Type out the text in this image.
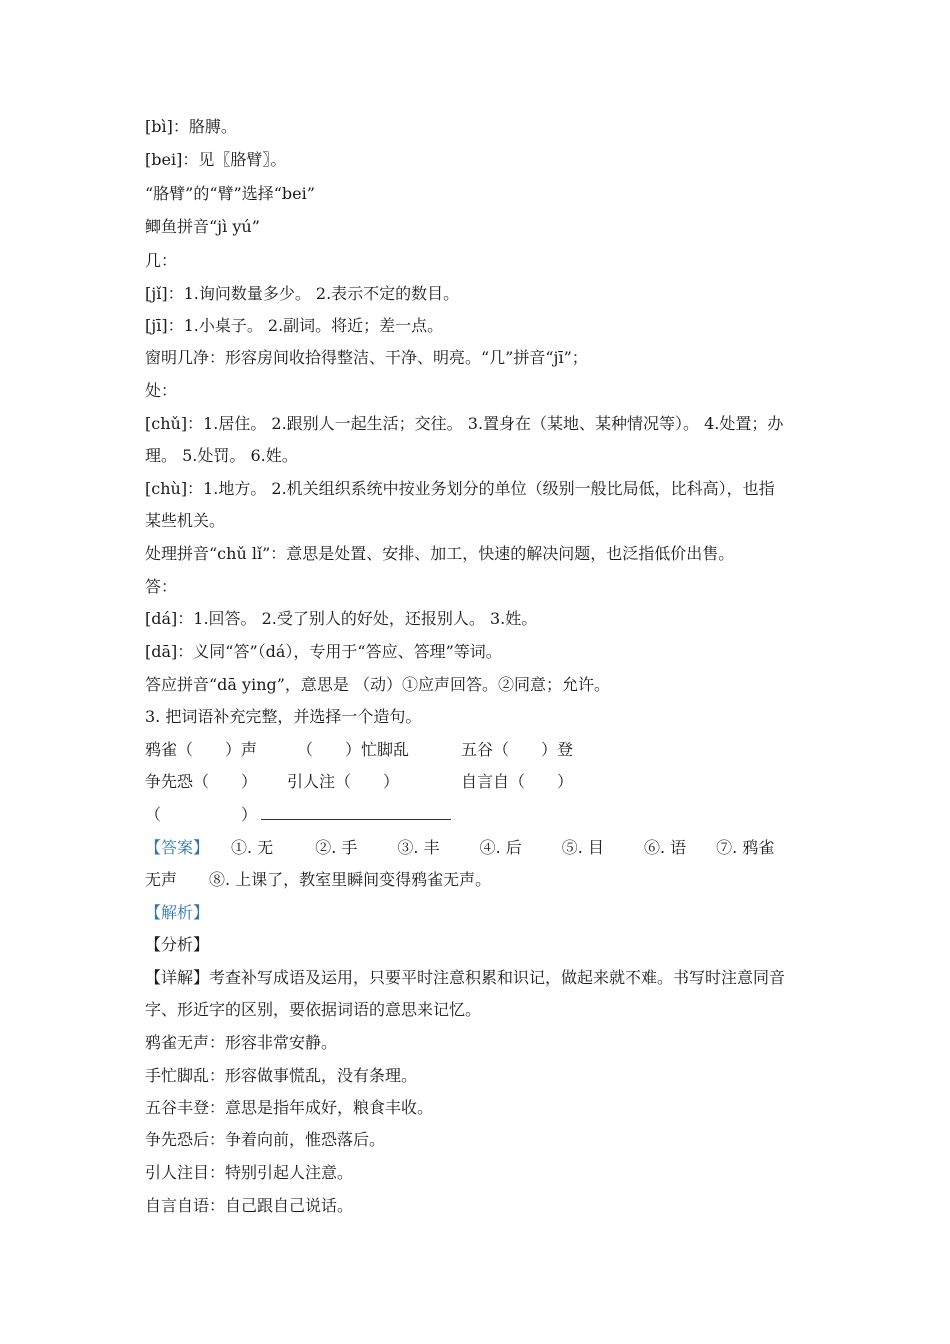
[bì]：胳膊。
[bei]：见〖胳臂〗。
“胳臂”的“臂”选择“bei”
鲫鱼拼音“jì yú”
几：
[jǐ]：1.询问数量多少。 2.表示不定的数目。
[jī]：1.小桌子。 2.副词。将近；差一点。
窗明几净：形容房间收拾得整洁、干净、明亮。“几”拼音“jī”；
处：
[chǔ]：1.居住。 2.跟别人一起生活；交往。 3.置身在（某地、某种情况等）。 4.处置；办
理。 5.处罚。 6.姓。
[chù]：1.地方。 2.机关组织系统中按业务划分的单位（级别一般比局低，比科高），也指
某些机关。
处理拼音“chǔ lǐ”：意思是处置、安排、加工，快速的解决问题，也泛指低价出售。
答：
[dá]：1.回答。 2.受了别人的好处，还报别人。 3.姓。
[dā]：义同“答”（dá），专用于“答应、答理”等词。
答应拼音“dā ying”，意思是 （动）①应声回答。②同意；允许。
3. 把词语补充完整，并选择一个造句。
鸦雀（　　）声	（　　）忙脚乱	五谷（　　）登
争先恐（　　） 引人注（　　）	自言自（　　）
（　　　　　）
【答案】 ①. 无	②. 手	③. 丰	④. 后	⑤. 目	⑥. 语 ⑦. 鸦雀
无声　　⑧. 上课了，教室里瞬间变得鸦雀无声。
【解析】
【分析】
【详解】考查补写成语及运用，只要平时注意积累和识记，做起来就不难。书写时注意同音
字、形近字的区别，要依据词语的意思来记忆。
鸦雀无声：形容非常安静。
手忙脚乱：形容做事慌乱，没有条理。
五谷丰登：意思是指年成好，粮食丰收。
争先恐后：争着向前，惟恐落后。
引人注目：特别引起人注意。
自言自语：自己跟自己说话。
